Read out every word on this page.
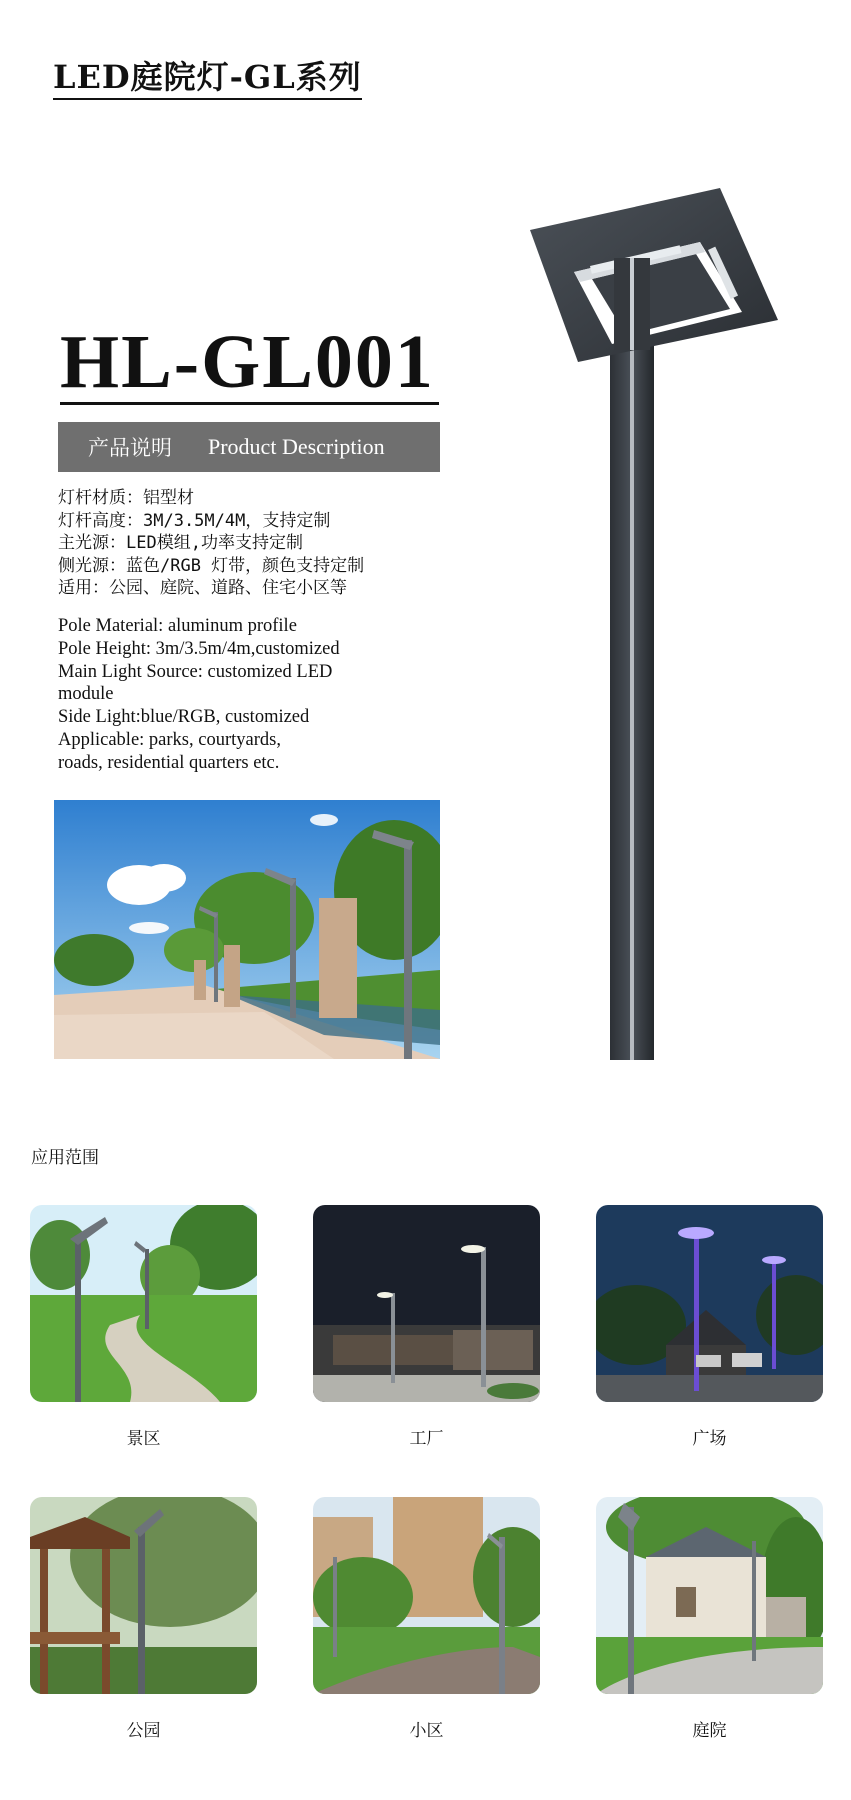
LED庭院灯-GL系列
HL-GL001
产品说明 Product Description
灯杆材质：铝型材
灯杆高度：3M/3.5M/4M，支持定制
主光源：LED模组,功率支持定制
侧光源：蓝色/RGB 灯带，颜色支持定制
适用：公园、庭院、道路、住宅小区等
Pole Material: aluminum profile
Pole Height: 3m/3.5m/4m,customized
Main Light Source: customized LED module
Side Light:blue/RGB, customized
Applicable: parks, courtyards, roads, residential quarters etc.
应用范围
景区	工厂	广场
公园	小区	庭院
